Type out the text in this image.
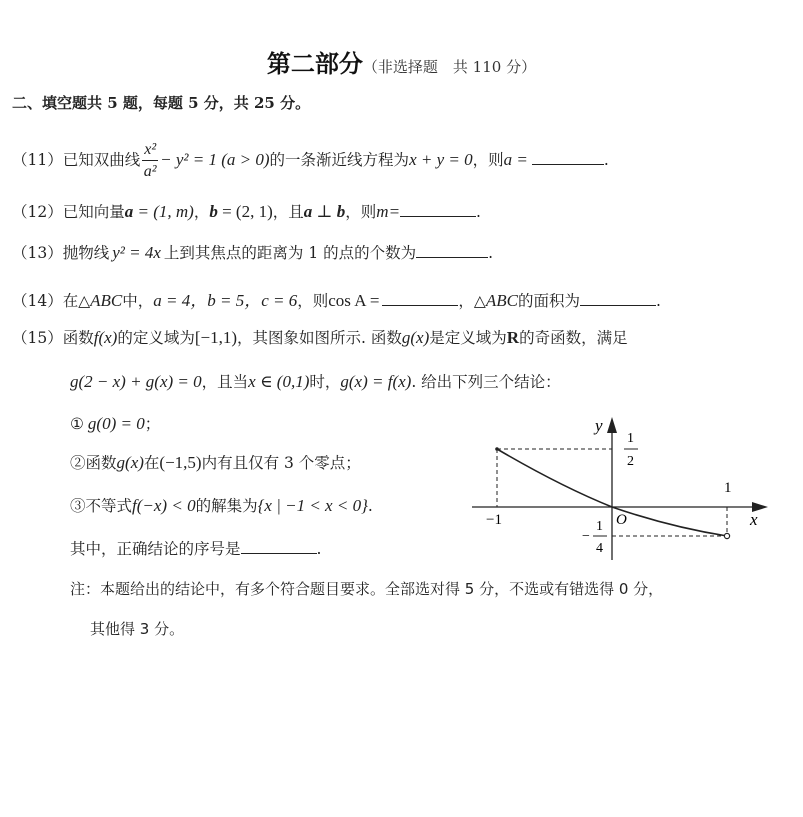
第二部分（非选择题　共 110 分）
二、填空题共 5 题，每题 5 分，共 25 分。
（11）已知双曲线 $\frac{\text{x²}}{\text{a²}} - y^2 = 1$ (a > 0)的一条渐近线方程为x + y = 0，则a =	.
（12）已知向量a = (1, m)，b = (2, 1)，且a ⊥ b，则m=	.
（13）抛物线 y² = 4x 上到其焦点的距离为 1 的点的个数为	.
（14）在△ABC中，a = 4，b = 5，c = 6，则cos A =	，△ABC的面积为	.
（15）函数f(x)的定义域为[−1,1)，其图象如图所示. 函数g(x)是定义域为R的奇函数，满足
g(2 − x) + g(x) = 0，且当x ∈ (0,1)时，g(x) = f(x). 给出下列三个结论：
① g(0) = 0；
②函数g(x)在(−1,5)内有且仅有 3 个零点；
③不等式f(−x) < 0的解集为{x | −1 < x < 0}.
其中，正确结论的序号是	.
y
x
O
−1
1
1
2
−
1
4
注：本题给出的结论中，有多个符合题目要求。全部选对得 5 分，不选或有错选得 0 分，
其他得 3 分。
